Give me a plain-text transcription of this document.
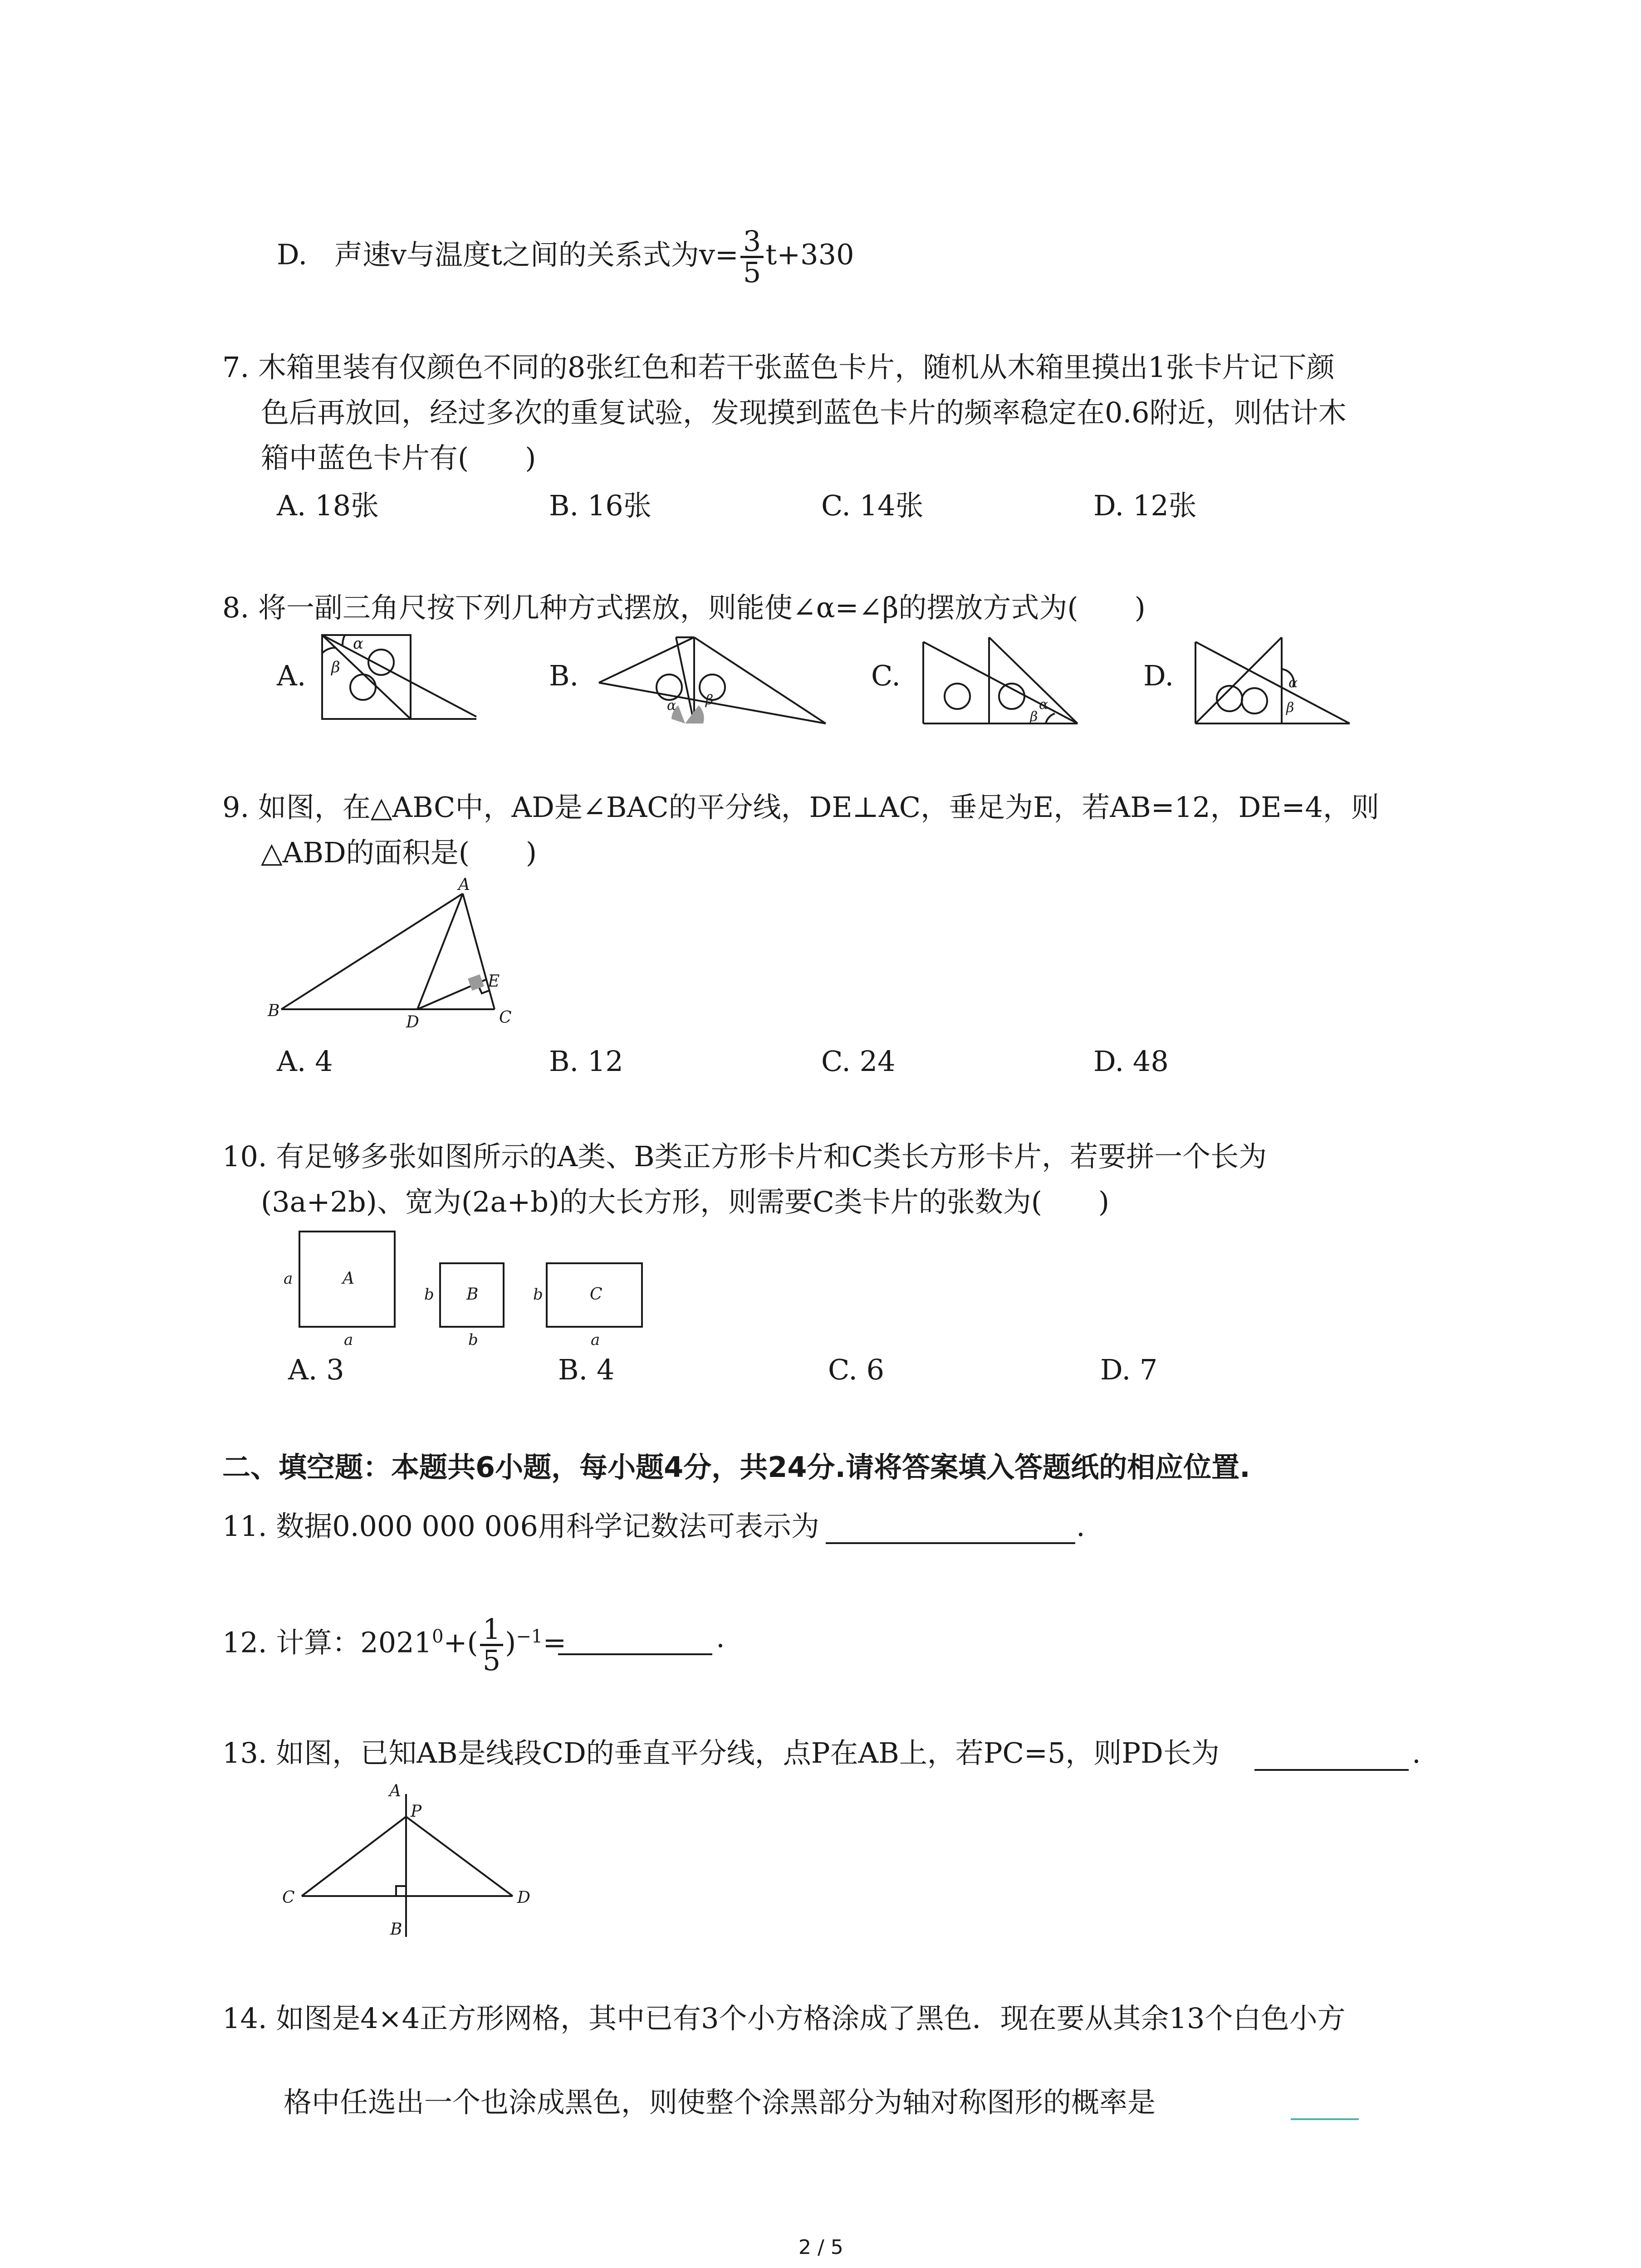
D. 声速v与温度t之间的关系式为$v= \frac{3}{5} t+330$
7. 木箱里装有仅颜色不同的8张红色和若干张蓝色卡片，随机从木箱里摸出1张卡片记下颜
色后再放回，经过多次的重复试验，发现摸到蓝色卡片的频率稳定在0.6附近，则估计木
箱中蓝色卡片有(　　)
A. 18张	B. 16张	C. 14张	D. 12张
8. 将一副三角尺按下列几种方式摆放，则能使∠α=∠β的摆放方式为(　　)
A.	B.	C.	D.
α
β
α β	α
β
α
β
9. 如图，在△ABC中，AD是∠BAC的平分线，DE⊥AC，垂足为E，若AB=12，DE=4，则
△ABD的面积是(　　)
A
B
D
E
C
A. 4	B. 12	C. 24	D. 48
10. 有足够多张如图所示的A类、B类正方形卡片和C类长方形卡片，若要拼一个长为
(3a+2b)、宽为(2a+b)的大长方形，则需要C类卡片的张数为(　　)
a	A
a
b B
b
b	C
a
A. 3	B. 4	C. 6	D. 7
二、填空题：本题共6小题，每小题4分，共24分.请将答案填入答题纸的相应位置.
11. 数据0.000 000 006用科学记数法可表示为	.
12. 计算：$2021^0+( \frac{1}{5} )^{-1}=$	.
13. 如图，已知AB是线段CD的垂直平分线，点P在AB上，若PC=5，则PD长为	.
A
P
C	D
B
14. 如图是4×4正方形网格，其中已有3个小方格涂成了黑色．现在要从其余13个白色小方
格中任选出一个也涂成黑色，则使整个涂黑部分为轴对称图形的概率是
2 / 5
